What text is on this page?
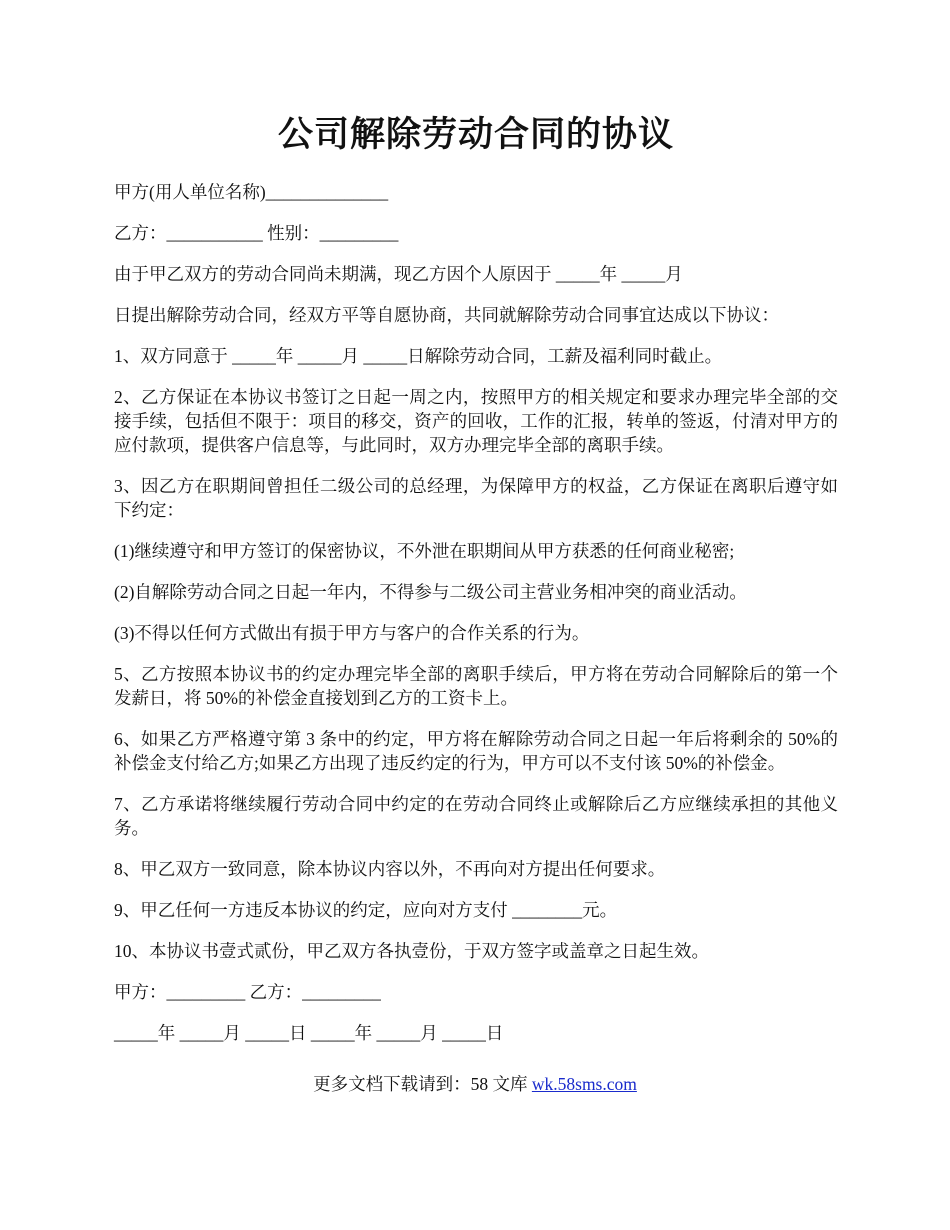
公司解除劳动合同的协议

甲方(用人单位名称)______________

乙方：___________ 性别：_________

由于甲乙双方的劳动合同尚未期满，现乙方因个人原因于 _____年 _____月

日提出解除劳动合同，经双方平等自愿协商，共同就解除劳动合同事宜达成以下协议：

1、双方同意于 _____年 _____月 _____日解除劳动合同，工薪及福利同时截止。

2、乙方保证在本协议书签订之日起一周之内，按照甲方的相关规定和要求办理完毕全部的交接手续，包括但不限于：项目的移交，资产的回收，工作的汇报，转单的签返，付清对甲方的应付款项，提供客户信息等，与此同时，双方办理完毕全部的离职手续。

3、因乙方在职期间曾担任二级公司的总经理，为保障甲方的权益，乙方保证在离职后遵守如下约定：

(1)继续遵守和甲方签订的保密协议，不外泄在职期间从甲方获悉的任何商业秘密;

(2)自解除劳动合同之日起一年内，不得参与二级公司主营业务相冲突的商业活动。

(3)不得以任何方式做出有损于甲方与客户的合作关系的行为。

5、乙方按照本协议书的约定办理完毕全部的离职手续后，甲方将在劳动合同解除后的第一个发薪日，将 50%的补偿金直接划到乙方的工资卡上。

6、如果乙方严格遵守第 3 条中的约定，甲方将在解除劳动合同之日起一年后将剩余的 50%的补偿金支付给乙方;如果乙方出现了违反约定的行为，甲方可以不支付该 50%的补偿金。

7、乙方承诺将继续履行劳动合同中约定的在劳动合同终止或解除后乙方应继续承担的其他义务。

8、甲乙双方一致同意，除本协议内容以外，不再向对方提出任何要求。

9、甲乙任何一方违反本协议的约定，应向对方支付 ________元。

10、本协议书壹式贰份，甲乙双方各执壹份，于双方签字或盖章之日起生效。

甲方：_________ 乙方：_________

_____年 _____月 _____日 _____年 _____月 _____日

更多文档下载请到：58 文库 wk.58sms.com
